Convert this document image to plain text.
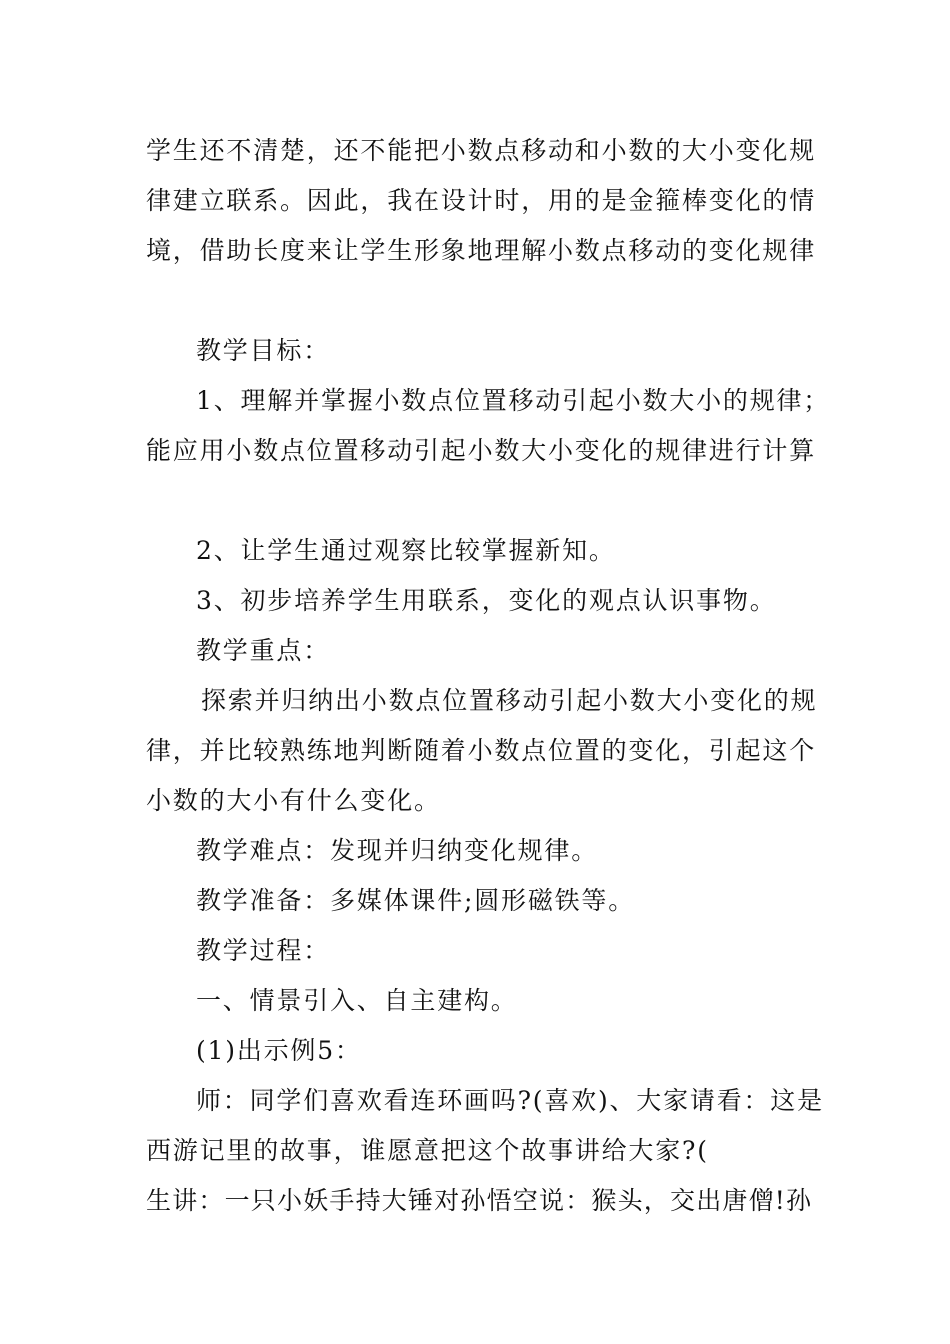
学生还不清楚，还不能把小数点移动和小数的大小变化规
律建立联系。因此，我在设计时，用的是金箍棒变化的情
境，借助长度来让学生形象地理解小数点移动的变化规律
教学目标：
1、理解并掌握小数点位置移动引起小数大小的规律；
能应用小数点位置移动引起小数大小变化的规律进行计算
2、让学生通过观察比较掌握新知。
3、初步培养学生用联系，变化的观点认识事物。
教学重点：
探索并归纳出小数点位置移动引起小数大小变化的规
律，并比较熟练地判断随着小数点位置的变化，引起这个
小数的大小有什么变化。
教学难点：发现并归纳变化规律。
教学准备：多媒体课件;圆形磁铁等。
教学过程：
一、情景引入、自主建构。
(1)出示例5：
师：同学们喜欢看连环画吗?(喜欢)、大家请看：这是
西游记里的故事，谁愿意把这个故事讲给大家?(
生讲：一只小妖手持大锤对孙悟空说：猴头，交出唐僧!孙
